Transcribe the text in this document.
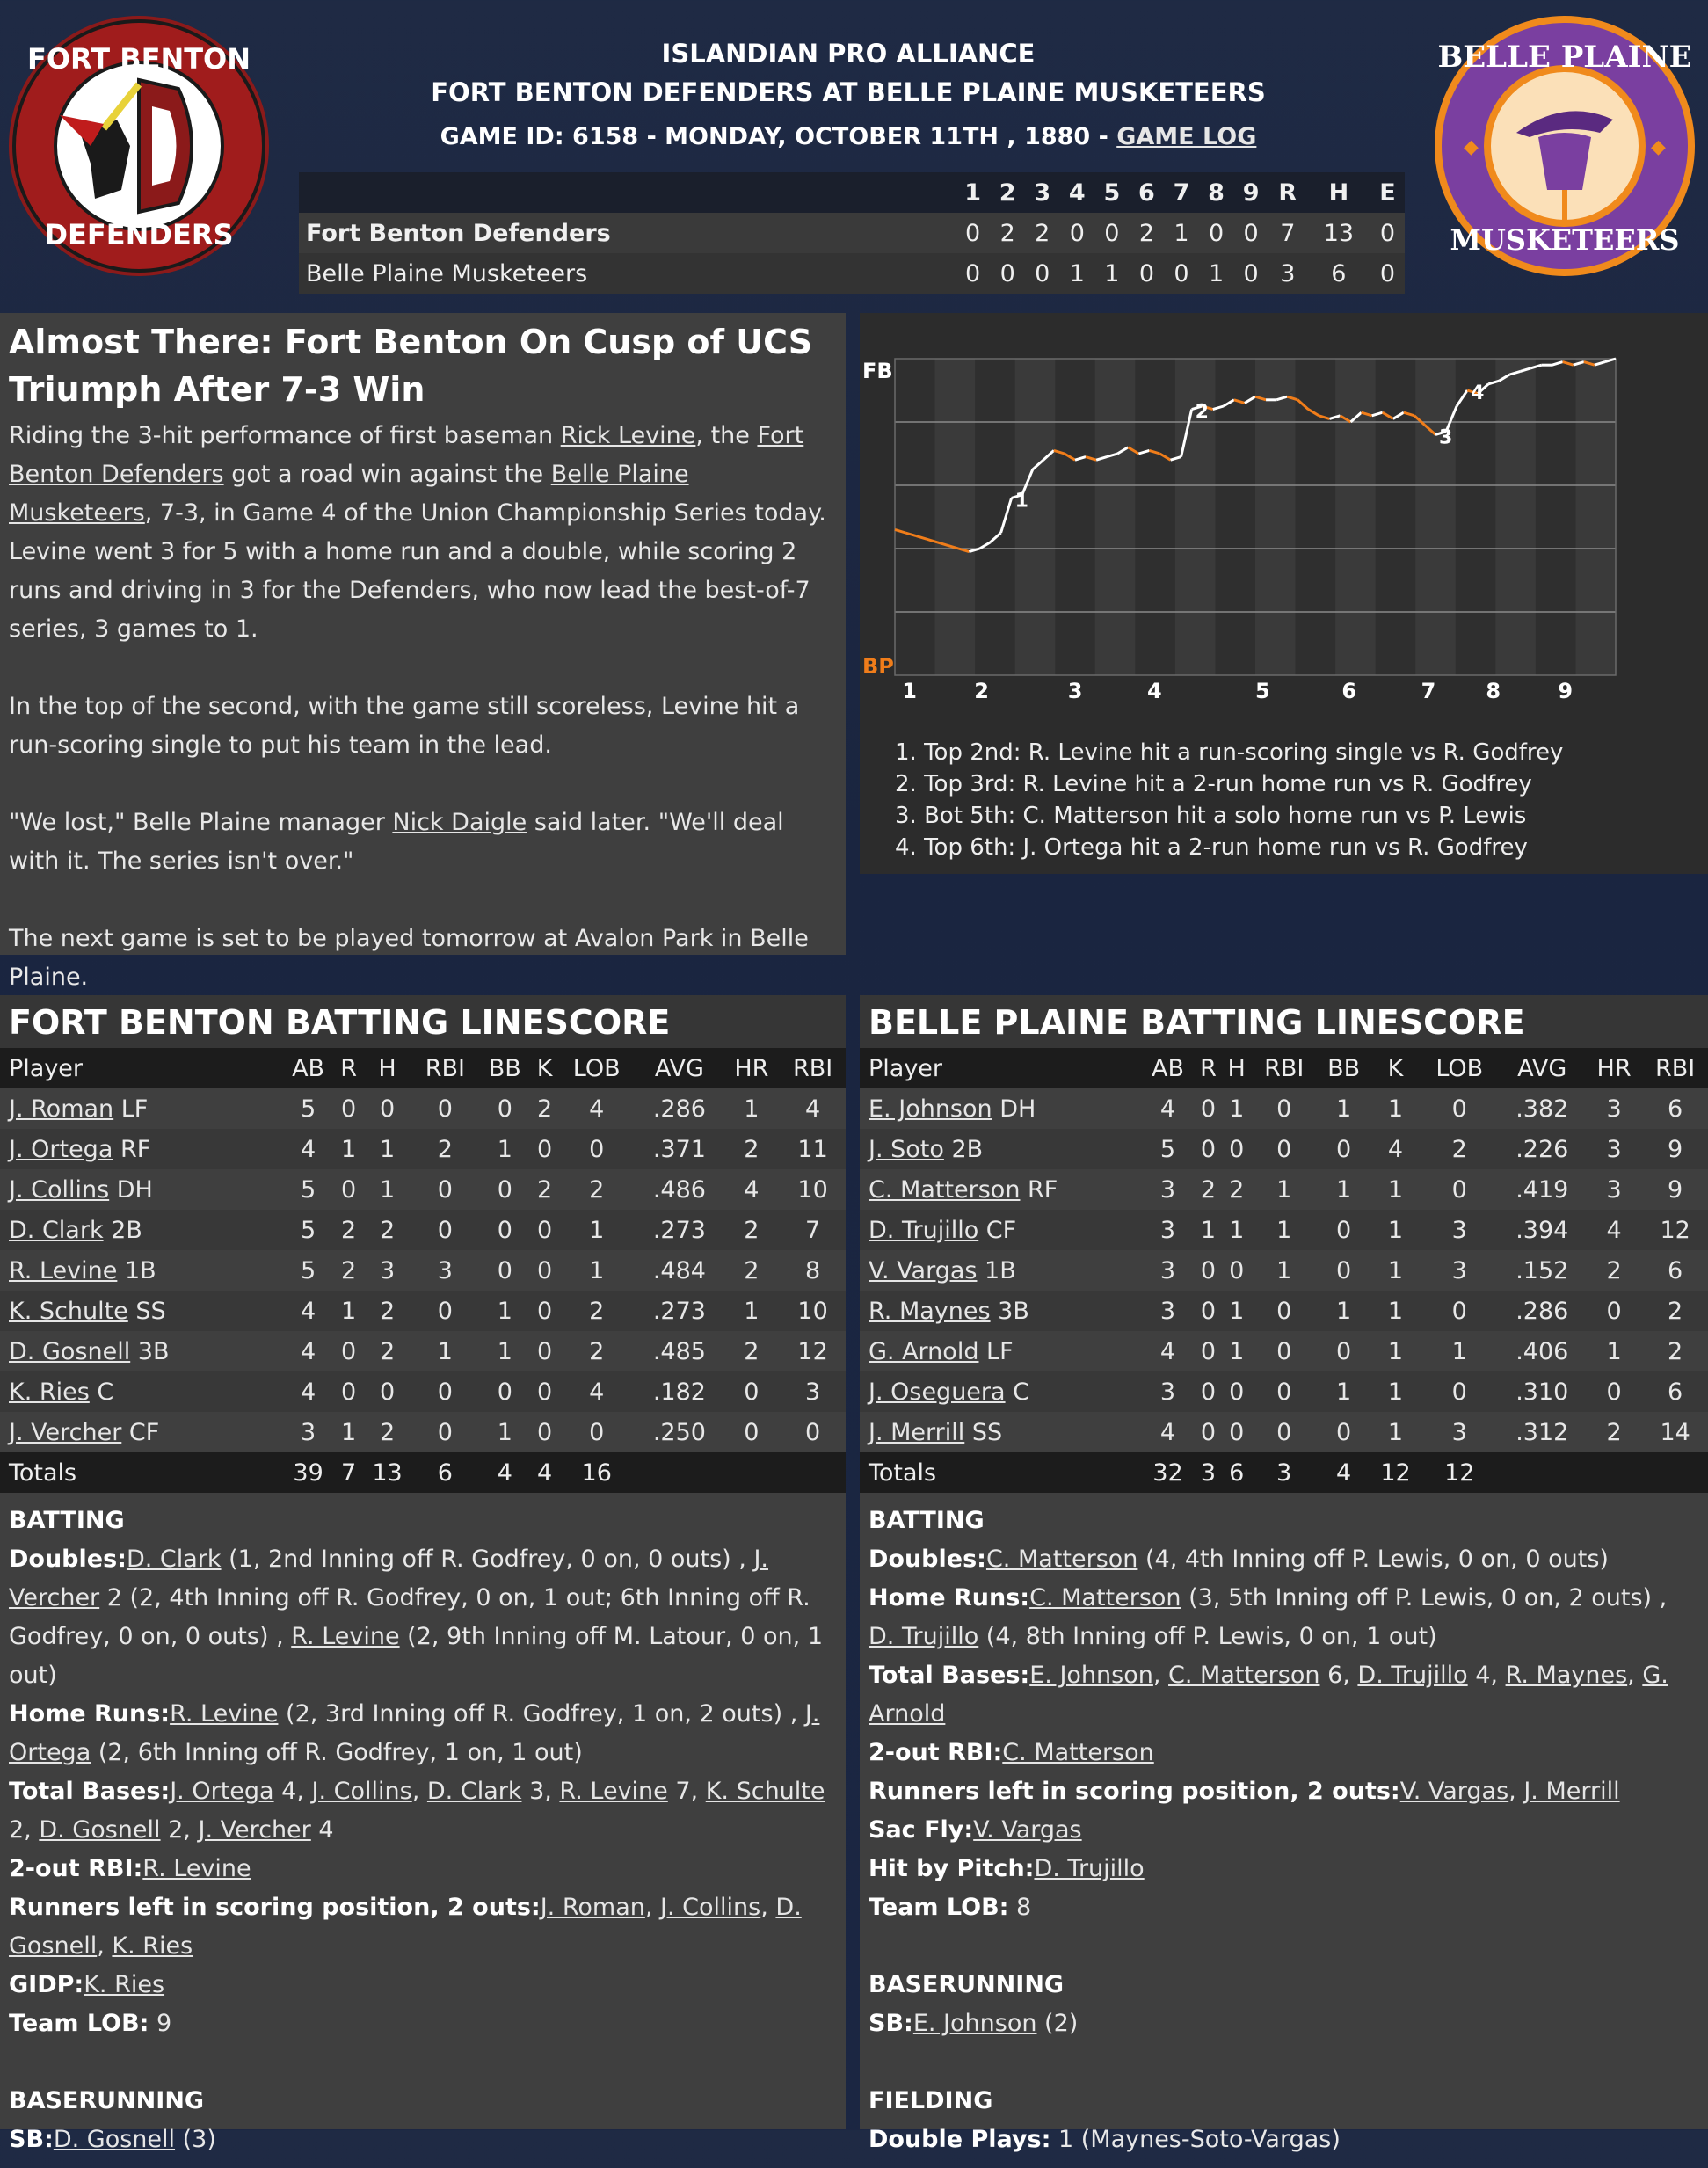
FORT BENTON
DEFENDERS
BELLE PLAINE
MUSKETEERS
◆	◆
ISLANDIAN PRO ALLIANCE
FORT BENTON DEFENDERS AT BELLE PLAINE MUSKETEERS
GAME ID: 6158 - MONDAY, OCTOBER 11TH , 1880 - GAME LOG
	1	2	3	4	5	6	7	8	9	R	H	E
Fort Benton Defenders	0	2	2	0	0	2	1	0	0	7	13	0
Belle Plaine Musketeers	0	0	0	1	1	0	0	1	0	3	6	0
Almost There: Fort Benton On Cusp of UCS Triumph After 7-3 Win

Riding the 3-hit performance of first baseman Rick Levine, the Fort Benton Defenders got a road win against the Belle Plaine Musketeers, 7-3, in Game 4 of the Union Championship Series today. Levine went 3 for 5 with a home run and a double, while scoring 2 runs and driving in 3 for the Defenders, who now lead the best-of-7 series, 3 games to 1.

In the top of the second, with the game still scoreless, Levine hit a run-scoring single to put his team in the lead.

"We lost," Belle Plaine manager Nick Daigle said later. "We'll deal with it. The series isn't over."

The next game is set to be played tomorrow at Avalon Park in Belle Plaine.

FB
BP
1	2	3	4	5	6	7 8	9
1
2
3
4
1. Top 2nd: R. Levine hit a run-scoring single vs R. Godfrey
2. Top 3rd: R. Levine hit a 2-run home run vs R. Godfrey
3. Bot 5th: C. Matterson hit a solo home run vs P. Lewis
4. Top 6th: J. Ortega hit a 2-run home run vs R. Godfrey
FORT BENTON BATTING LINESCORE
Player	AB	R	H	RBI	BB	K	LOB	AVG	HR	RBI
J. Roman LF	5	0	0	0	0	2	4	.286	1	4
J. Ortega RF	4	1	1	2	1	0	0	.371	2	11
J. Collins DH	5	0	1	0	0	2	2	.486	4	10
D. Clark 2B	5	2	2	0	0	0	1	.273	2	7
R. Levine 1B	5	2	3	3	0	0	1	.484	2	8
K. Schulte SS	4	1	2	0	1	0	2	.273	1	10
D. Gosnell 3B	4	0	2	1	1	0	2	.485	2	12
K. Ries C	4	0	0	0	0	0	4	.182	0	3
J. Vercher CF	3	1	2	0	1	0	0	.250	0	0
Totals	39	7	13	6	4	4	16			
BATTING
Doubles:D. Clark (1, 2nd Inning off R. Godfrey, 0 on, 0 outs) , J. Vercher 2 (2, 4th Inning off R. Godfrey, 0 on, 1 out; 6th Inning off R. Godfrey, 0 on, 0 outs) , R. Levine (2, 9th Inning off M. Latour, 0 on, 1 out)
Home Runs:R. Levine (2, 3rd Inning off R. Godfrey, 1 on, 2 outs) , J. Ortega (2, 6th Inning off R. Godfrey, 1 on, 1 out)
Total Bases:J. Ortega 4, J. Collins, D. Clark 3, R. Levine 7, K. Schulte 2, D. Gosnell 2, J. Vercher 4
2-out RBI:R. Levine
Runners left in scoring position, 2 outs:J. Roman, J. Collins, D. Gosnell, K. Ries
GIDP:K. Ries
Team LOB: 9
BASERUNNING
SB:D. Gosnell (3)
BELLE PLAINE BATTING LINESCORE
Player	AB	R	H	RBI	BB	K	LOB	AVG	HR	RBI
E. Johnson DH	4	0	1	0	1	1	0	.382	3	6
J. Soto 2B	5	0	0	0	0	4	2	.226	3	9
C. Matterson RF	3	2	2	1	1	1	0	.419	3	9
D. Trujillo CF	3	1	1	1	0	1	3	.394	4	12
V. Vargas 1B	3	0	0	1	0	1	3	.152	2	6
R. Maynes 3B	3	0	1	0	1	1	0	.286	0	2
G. Arnold LF	4	0	1	0	0	1	1	.406	1	2
J. Oseguera C	3	0	0	0	1	1	0	.310	0	6
J. Merrill SS	4	0	0	0	0	1	3	.312	2	14
Totals	32	3	6	3	4	12	12			
BATTING
Doubles:C. Matterson (4, 4th Inning off P. Lewis, 0 on, 0 outs)
Home Runs:C. Matterson (3, 5th Inning off P. Lewis, 0 on, 2 outs) , D. Trujillo (4, 8th Inning off P. Lewis, 0 on, 1 out)
Total Bases:E. Johnson, C. Matterson 6, D. Trujillo 4, R. Maynes, G. Arnold
2-out RBI:C. Matterson
Runners left in scoring position, 2 outs:V. Vargas, J. Merrill
Sac Fly:V. Vargas
Hit by Pitch:D. Trujillo
Team LOB: 8
BASERUNNING
SB:E. Johnson (2)
FIELDING
Double Plays: 1 (Maynes-Soto-Vargas)
